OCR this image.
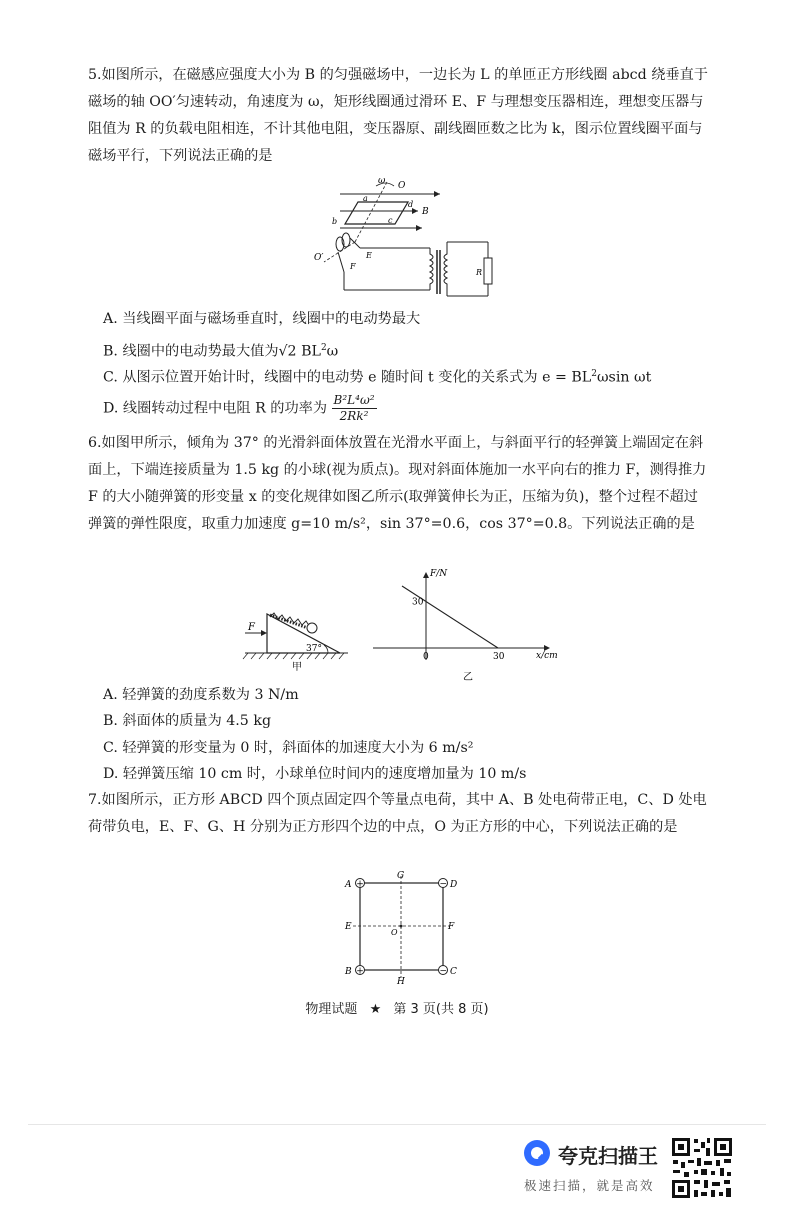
5.如图所示，在磁感应强度大小为 B 的匀强磁场中，一边长为 L 的单匝正方形线圈 abcd 绕垂直于磁场的轴 OO′匀速转动，角速度为 ω，矩形线圈通过滑环 E、F 与理想变压器相连，理想变压器与阻值为 R 的负载电阻相连，不计其他电阻，变压器原、副线圈匝数之比为 k，图示位置线圈平面与磁场平行，下列说法正确的是
ω O
a
d
B
b	c
O′	E
F
R
A. 当线圈平面与磁场垂直时，线圈中的电动势最大
B. 线圈中的电动势最大值为√2 $BL^2\omega$
C. 从图示位置开始计时，线圈中的电动势 e 随时间 t 变化的关系式为 $e = BL^2\omega\sin$ ωt
D. 线圈转动过程中电阻 R 的功率为 $\frac{\text{B²L⁴ω²}}{\text{2Rk²}}$
6.如图甲所示，倾角为 37° 的光滑斜面体放置在光滑水平面上，与斜面平行的轻弹簧上端固定在斜面上，下端连接质量为 1.5 kg 的小球(视为质点)。现对斜面体施加一水平向右的推力 F，测得推力 F 的大小随弹簧的形变量 x 的变化规律如图乙所示(取弹簧伸长为正，压缩为负)，整个过程不超过弹簧的弹性限度，取重力加速度 g=10 m/s²，sin 37°=0.6，cos 37°=0.8。下列说法正确的是
F
37°
甲
F/N
x/cm
0
30
30
乙
A. 轻弹簧的劲度系数为 3 N/m
B. 斜面体的质量为 4.5 kg
C. 轻弹簧的形变量为 0 时，斜面体的加速度大小为 6 m/s²
D. 轻弹簧压缩 10 cm 时，小球单位时间内的速度增加量为 10 m/s
7.如图所示，正方形 ABCD 四个顶点固定四个等量点电荷，其中 A、B 处电荷带正电，C、D 处电荷带负电，E、F、G、H 分别为正方形四个边的中点，O 为正方形的中心，下列说法正确的是
+
+
−
−
A	D
B	C
G
H
E	F
O
物理试题 ★ 第 3 页(共 8 页)
夸克扫描王
极速扫描，就是高效
